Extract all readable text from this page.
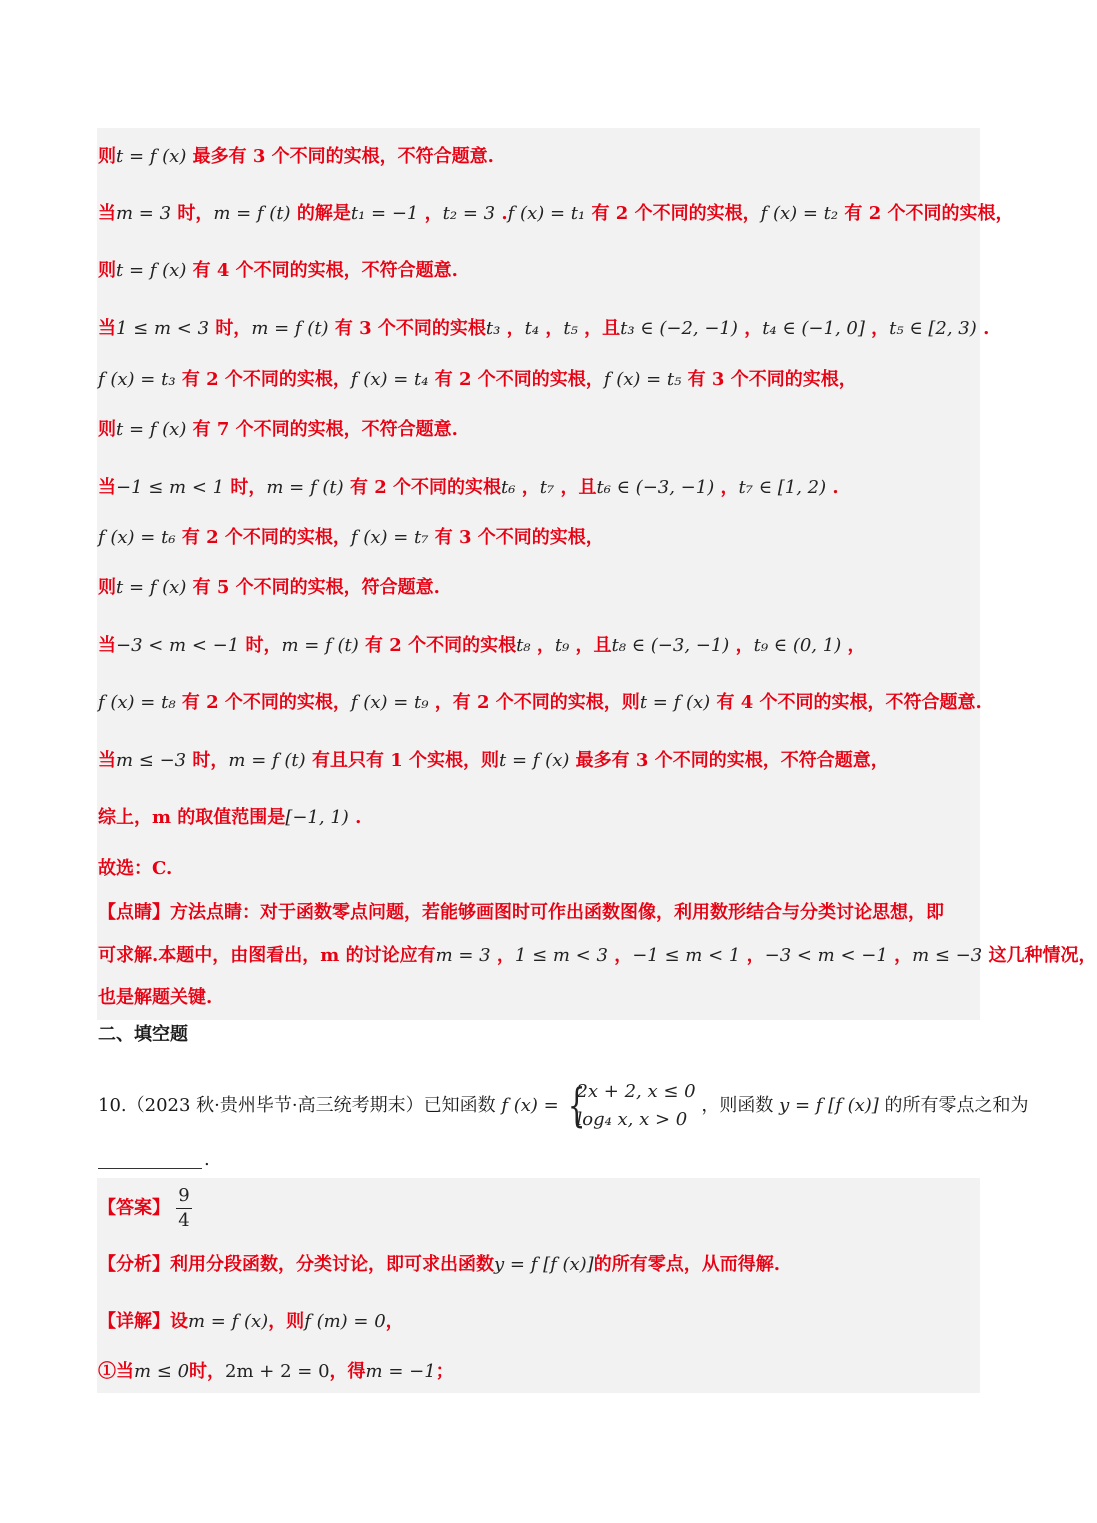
则t = f (x) 最多有 3 个不同的实根，不符合题意.
当m = 3 时，m = f (t) 的解是t₁ = −1 ，t₂ = 3 .f (x) = t₁ 有 2 个不同的实根，f (x) = t₂ 有 2 个不同的实根，
则t = f (x) 有 4 个不同的实根，不符合题意.
当1 ≤ m < 3 时，m = f (t) 有 3 个不同的实根t₃ ，t₄ ，t₅ ，且t₃ ∈ (−2, −1) ，t₄ ∈ (−1, 0] ，t₅ ∈ [2, 3) .
f (x) = t₃ 有 2 个不同的实根，f (x) = t₄ 有 2 个不同的实根，f (x) = t₅ 有 3 个不同的实根，
则t = f (x) 有 7 个不同的实根，不符合题意.
当−1 ≤ m < 1 时，m = f (t) 有 2 个不同的实根t₆ ，t₇ ，且t₆ ∈ (−3, −1) ，t₇ ∈ [1, 2) .
f (x) = t₆ 有 2 个不同的实根，f (x) = t₇ 有 3 个不同的实根，
则t = f (x) 有 5 个不同的实根，符合题意.
当−3 < m < −1 时，m = f (t) 有 2 个不同的实根t₈ ，t₉ ，且t₈ ∈ (−3, −1) ，t₉ ∈ (0, 1) ，
f (x) = t₈ 有 2 个不同的实根，f (x) = t₉ ，有 2 个不同的实根，则t = f (x) 有 4 个不同的实根，不符合题意.
当m ≤ −3 时，m = f (t) 有且只有 1 个实根，则t = f (x) 最多有 3 个不同的实根，不符合题意，
综上，m 的取值范围是[−1, 1) .
故选：C.
【点睛】方法点睛：对于函数零点问题，若能够画图时可作出函数图像，利用数形结合与分类讨论思想，即
可求解.本题中，由图看出，m 的讨论应有m = 3 ，1 ≤ m < 3 ，−1 ≤ m < 1 ，−3 < m < −1 ，m ≤ −3 这几种情况，
也是解题关键.
二、填空题
10.（2023 秋·贵州毕节·高三统考期末）已知函数 f (x) =
{ 2x + 2, x ≤ 0
log₄ x, x > 0
，则函数 y = f [f (x)] 的所有零点之和为
.
【答案】 $\frac{9}{4}$
【分析】利用分段函数，分类讨论，即可求出函数y = f [f (x)]的所有零点，从而得解.
【详解】设m = f (x)，则f (m) = 0，
①当m ≤ 0时，2m + 2 = 0，得m = −1；
